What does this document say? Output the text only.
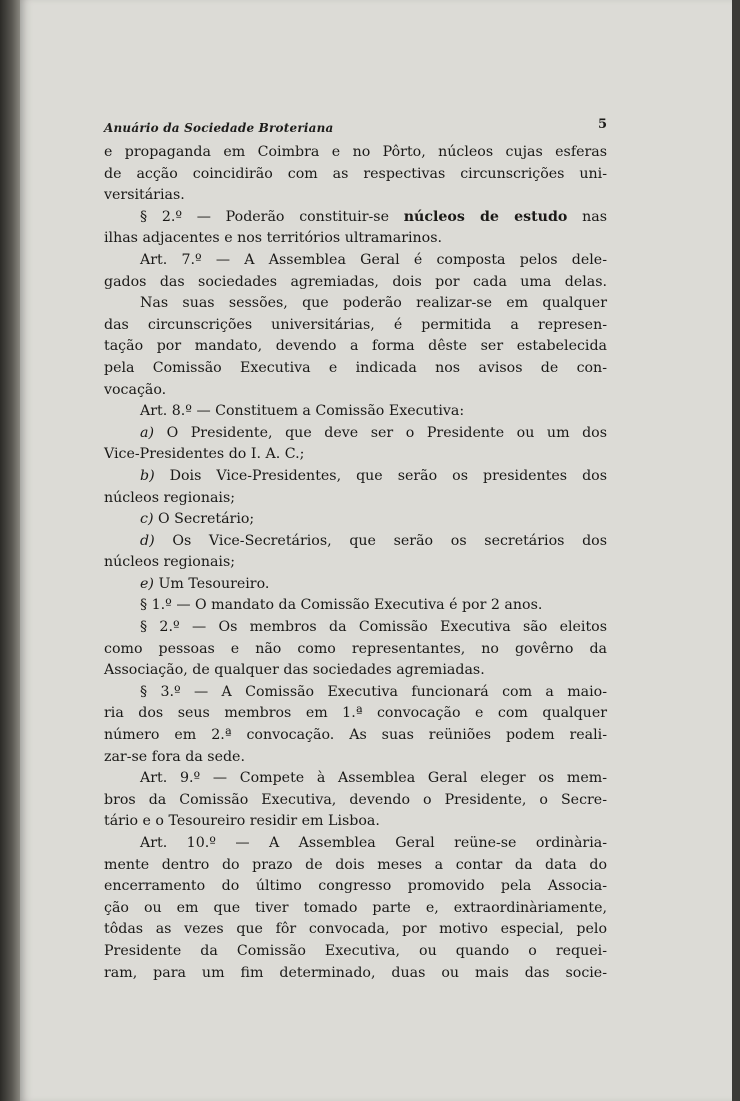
Anuário da Sociedade Broteriana	5
e propaganda em Coimbra e no Pôrto, núcleos cujas esferas
de acção coincidirão com as respectivas circunscrições uni-
versitárias.
§ 2.º — Poderão constituir-se núcleos de estudo nas
ilhas adjacentes e nos territórios ultramarinos.
Art. 7.º — A Assemblea Geral é composta pelos dele-
gados das sociedades agremiadas, dois por cada uma delas.
Nas suas sessões, que poderão realizar-se em qualquer
das circunscrições universitárias, é permitida a represen-
tação por mandato, devendo a forma dêste ser estabelecida
pela Comissão Executiva e indicada nos avisos de con-
vocação.
Art. 8.º — Constituem a Comissão Executiva:
a) O Presidente, que deve ser o Presidente ou um dos
Vice-Presidentes do I. A. C.;
b) Dois Vice-Presidentes, que serão os presidentes dos
núcleos regionais;
c) O Secretário;
d) Os Vice-Secretários, que serão os secretários dos
núcleos regionais;
e) Um Tesoureiro.
§ 1.º — O mandato da Comissão Executiva é por 2 anos.
§ 2.º — Os membros da Comissão Executiva são eleitos
como pessoas e não como representantes, no govêrno da
Associação, de qualquer das sociedades agremiadas.
§ 3.º — A Comissão Executiva funcionará com a maio-
ria dos seus membros em 1.ª convocação e com qualquer
número em 2.ª convocação. As suas reüniões podem reali-
zar-se fora da sede.
Art. 9.º — Compete à Assemblea Geral eleger os mem-
bros da Comissão Executiva, devendo o Presidente, o Secre-
tário e o Tesoureiro residir em Lisboa.
Art. 10.º — A Assemblea Geral reüne-se ordinària-
mente dentro do prazo de dois meses a contar da data do
encerramento do último congresso promovido pela Associa-
ção ou em que tiver tomado parte e, extraordinàriamente,
tôdas as vezes que fôr convocada, por motivo especial, pelo
Presidente da Comissão Executiva, ou quando o requei-
ram, para um fim determinado, duas ou mais das socie-
